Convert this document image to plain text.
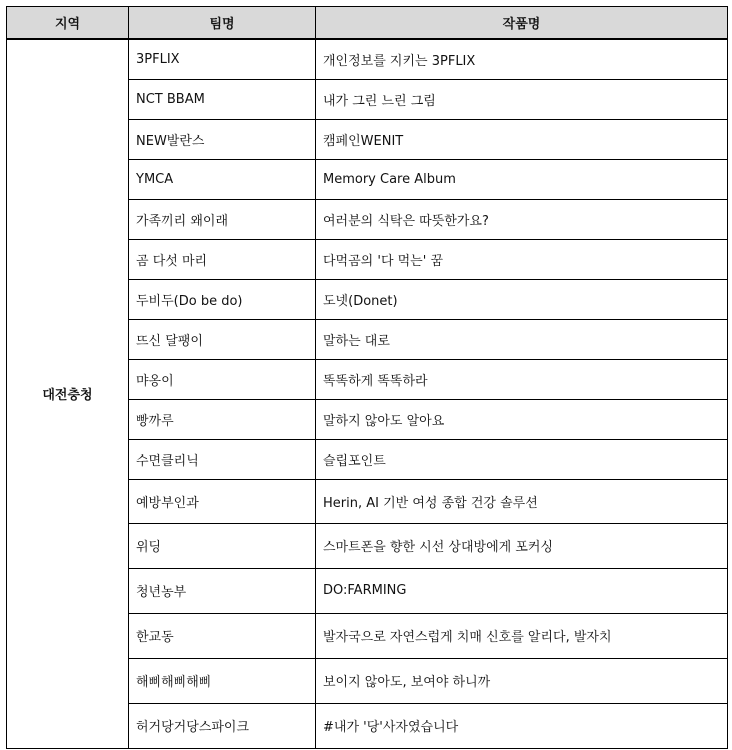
지역	팀명	작품명
대전충청	3PFLIX	개인정보를 지키는 3PFLIX
	NCT BBAM	내가 그린 느린 그림
	NEW발란스	캠페인WENIT
	YMCA	Memory Care Album
	가족끼리 왜이래	여러분의 식탁은 따뜻한가요?
	곰 다섯 마리	다먹곰의 '다 먹는' 꿈
	두비두(Do be do)	도넷(Donet)
	뜨신 달팽이	말하는 대로
	먀옹이	똑똑하게 똑똑하라
	빵까루	말하지 않아도 알아요
	수면클리닉	슬립포인트
	예방부인과	Herin, AI 기반 여성 종합 건강 솔루션
	위딩	스마트폰을 향한 시선 상대방에게 포커싱
	청년농부	DO:FARMING
	한교동	발자국으로 자연스럽게 치매 신호를 알리다, 발자치
	해삐해삐해삐	보이지 않아도, 보여야 하니까
	허거당거당스파이크	#내가 '당'사자였습니다
